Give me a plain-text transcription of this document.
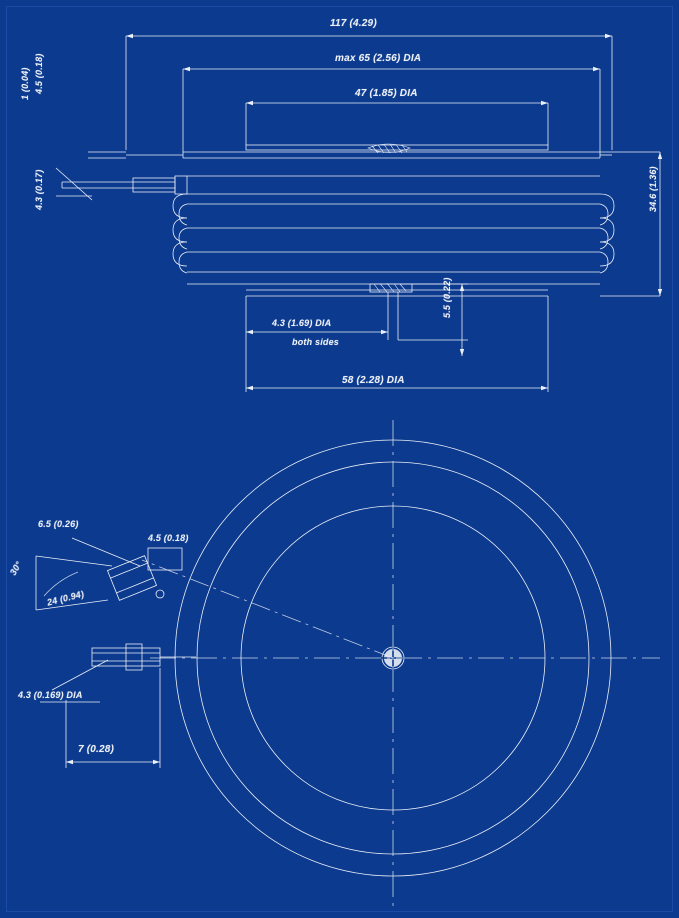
117 (4.29)
max 65 (2.56) DIA
47 (1.85) DIA
4.5 (0.18)
1 (0.04)
4.3 (0.17)	34.6 (1.36)
4.3 (1.69) DIA
both sides
5.5 (0.22)
58 (2.28) DIA
6.5 (0.26)
4.5 (0.18)
30°
24 (0.94)
4.3 (0.169) DIA
7 (0.28)
